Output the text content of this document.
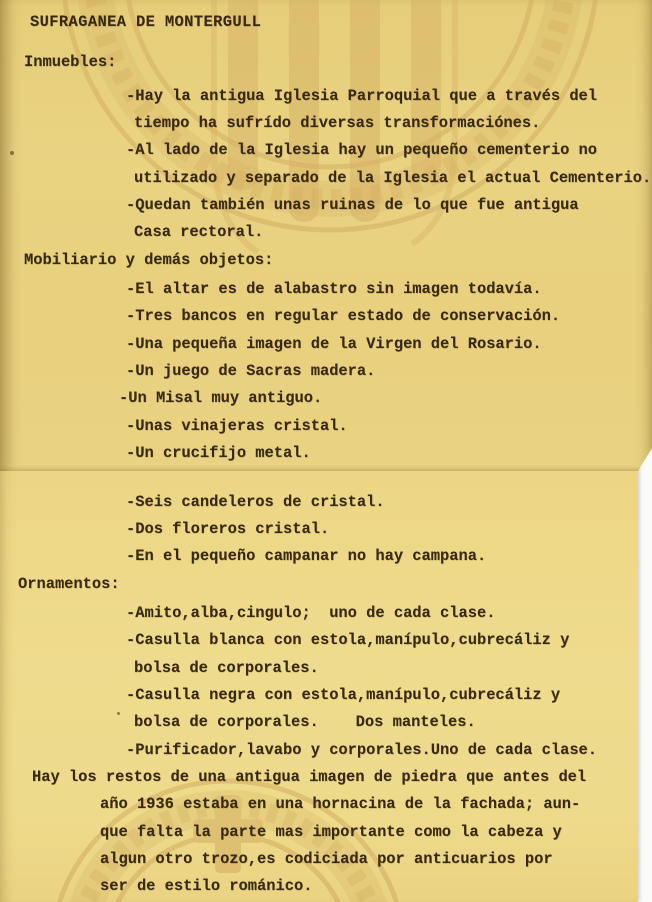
SUFRAGANEA DE MONTERGULL
Inmuebles:
-Hay la antigua Iglesia Parroquial que a través del
tiempo ha sufrído diversas transformaciónes.
-Al lado de la Iglesia hay un pequeño cementerio no
utilizado y separado de la Iglesia el actual Cementerio.
-Quedan también unas ruinas de lo que fue antigua
Casa rectoral.
Mobiliario y demás objetos:
-El altar es de alabastro sin imagen todavía.
-Tres bancos en regular estado de conservación.
-Una pequeña imagen de la Virgen del Rosario.
-Un juego de Sacras madera.
-Un Misal muy antiguo.
-Unas vinajeras cristal.
-Un crucifijo metal.
-Seis candeleros de cristal.
-Dos floreros cristal.
-En el pequeño campanar no hay campana.
Ornamentos:
-Amito,alba,cingulo;  uno de cada clase.
-Casulla blanca con estola,manípulo,cubrecáliz y
bolsa de corporales.
-Casulla negra con estola,manípulo,cubrecáliz y
bolsa de corporales.    Dos manteles.
-Purificador,lavabo y corporales.Uno de cada clase.
Hay los restos de una antigua imagen de piedra que antes del
año 1936 estaba en una hornacina de la fachada; aun-
que falta la parte mas importante como la cabeza y
algun otro trozo,es codiciada por anticuarios por
ser de estilo románico.
